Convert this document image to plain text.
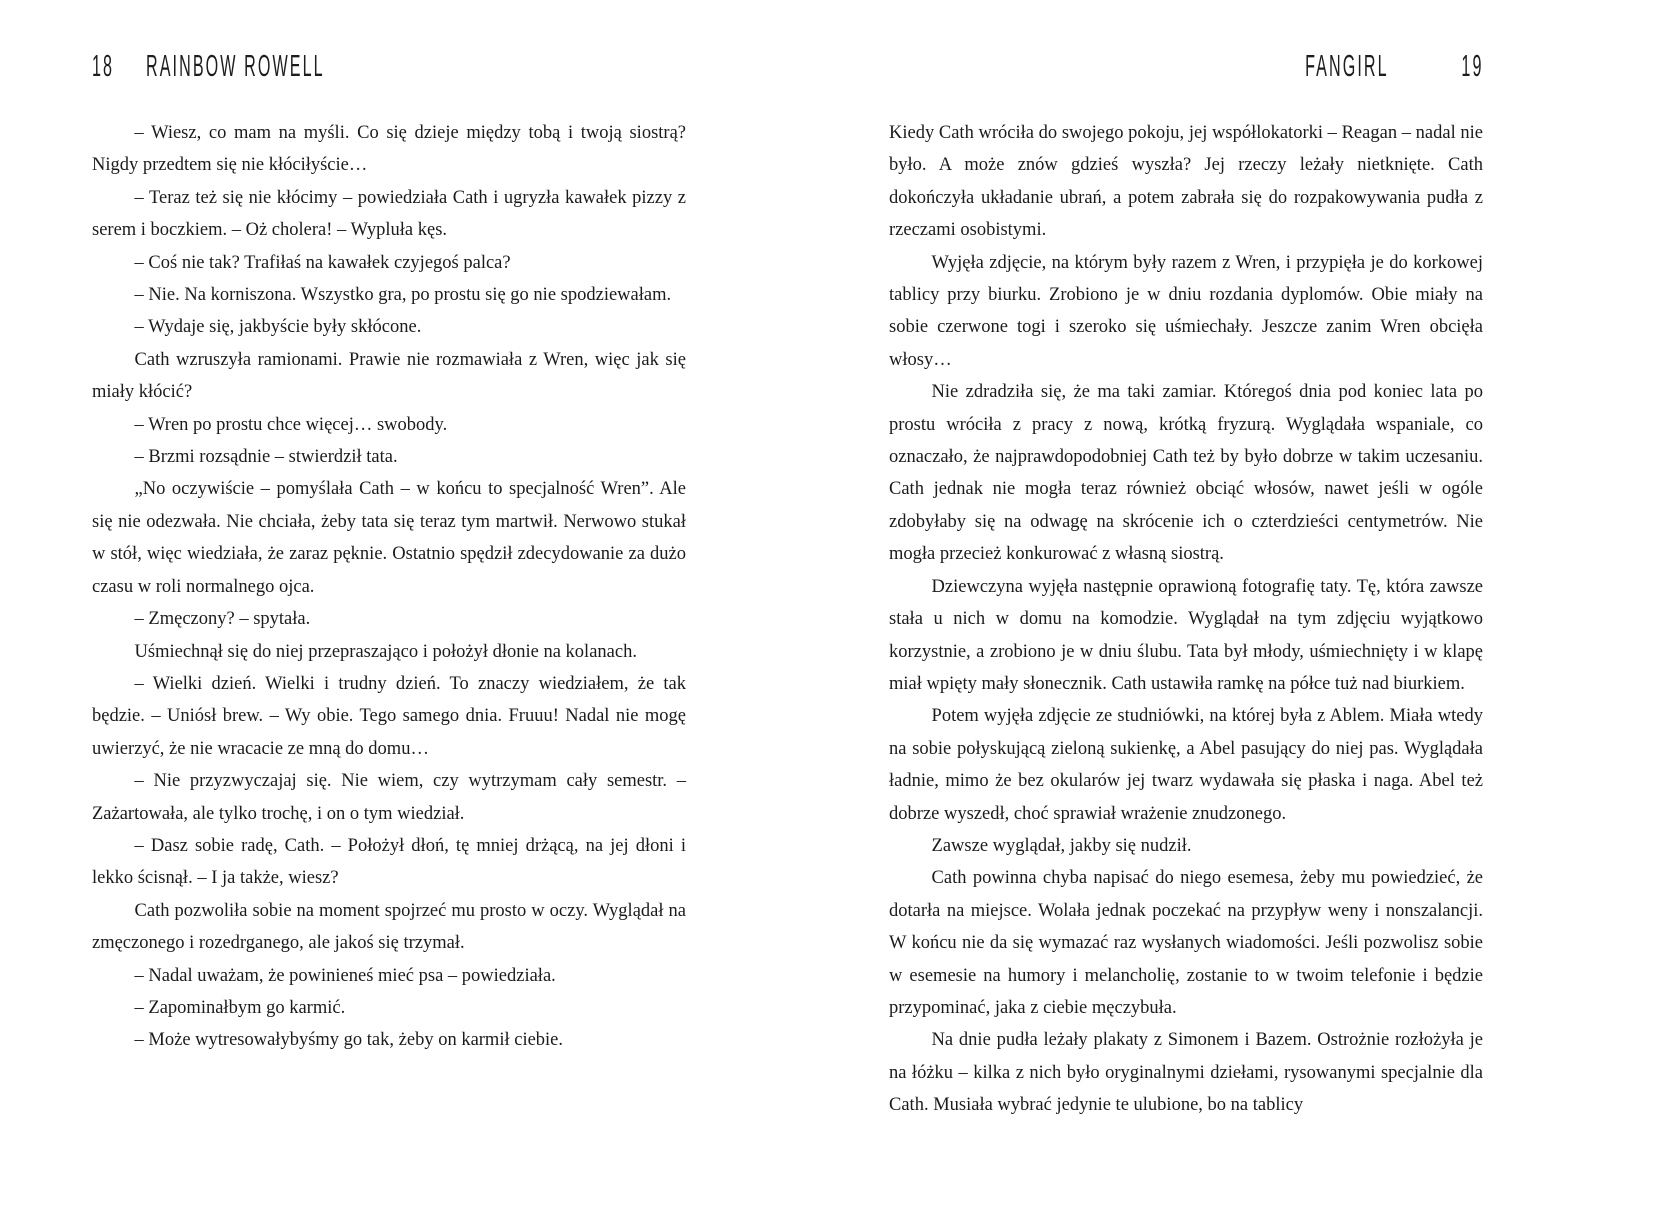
18 RAINBOW ROWELL

– Wiesz, co mam na myśli. Co się dzieje między tobą i twoją siostrą? Nigdy przedtem się nie kłóciłyście…

– Teraz też się nie kłócimy – powiedziała Cath i ugryzła kawałek pizzy z serem i boczkiem. – Oż cholera! – Wypluła kęs.

– Coś nie tak? Trafiłaś na kawałek czyjegoś palca?

– Nie. Na korniszona. Wszystko gra, po prostu się go nie spodziewałam.

– Wydaje się, jakbyście były skłócone.

Cath wzruszyła ramionami. Prawie nie rozmawiała z Wren, więc jak się miały kłócić?

– Wren po prostu chce więcej… swobody.

– Brzmi rozsądnie – stwierdził tata.

„No oczywiście – pomyślała Cath – w końcu to specjalność Wren”. Ale się nie odezwała. Nie chciała, żeby tata się teraz tym martwił. Nerwowo stukał w stół, więc wiedziała, że zaraz pęknie. Ostatnio spędził zdecydowanie za dużo czasu w roli normalnego ojca.

– Zmęczony? – spytała.

Uśmiechnął się do niej przepraszająco i położył dłonie na kolanach.

– Wielki dzień. Wielki i trudny dzień. To znaczy wiedziałem, że tak będzie. – Uniósł brew. – Wy obie. Tego samego dnia. Fruuu! Nadal nie mogę uwierzyć, że nie wracacie ze mną do domu…

– Nie przyzwyczajaj się. Nie wiem, czy wytrzymam cały semestr. – Zażartowała, ale tylko trochę, i on o tym wiedział.

– Dasz sobie radę, Cath. – Położył dłoń, tę mniej drżącą, na jej dłoni i lekko ścisnął. – I ja także, wiesz?

Cath pozwoliła sobie na moment spojrzeć mu prosto w oczy. Wyglądał na zmęczonego i rozedrganego, ale jakoś się trzymał.

– Nadal uważam, że powinieneś mieć psa – powiedziała.

– Zapominałbym go karmić.

– Może wytresowałybyśmy go tak, żeby on karmił ciebie.

FANGIRL 19

Kiedy Cath wróciła do swojego pokoju, jej współlokatorki – Reagan – nadal nie było. A może znów gdzieś wyszła? Jej rzeczy leżały nietknięte. Cath dokończyła układanie ubrań, a potem zabrała się do rozpakowywania pudła z rzeczami osobistymi.

Wyjęła zdjęcie, na którym były razem z Wren, i przypięła je do korkowej tablicy przy biurku. Zrobiono je w dniu rozdania dyplomów. Obie miały na sobie czerwone togi i szeroko się uśmiechały. Jeszcze zanim Wren obcięła włosy…

Nie zdradziła się, że ma taki zamiar. Któregoś dnia pod koniec lata po prostu wróciła z pracy z nową, krótką fryzurą. Wyglądała wspaniale, co oznaczało, że najprawdopodobniej Cath też by było dobrze w takim uczesaniu. Cath jednak nie mogła teraz również obciąć włosów, nawet jeśli w ogóle zdobyłaby się na odwagę na skrócenie ich o czterdzieści centymetrów. Nie mogła przecież konkurować z własną siostrą.

Dziewczyna wyjęła następnie oprawioną fotografię taty. Tę, która zawsze stała u nich w domu na komodzie. Wyglądał na tym zdjęciu wyjątkowo korzystnie, a zrobiono je w dniu ślubu. Tata był młody, uśmiechnięty i w klapę miał wpięty mały słonecznik. Cath ustawiła ramkę na półce tuż nad biurkiem.

Potem wyjęła zdjęcie ze studniówki, na której była z Ablem. Miała wtedy na sobie połyskującą zieloną sukienkę, a Abel pasujący do niej pas. Wyglądała ładnie, mimo że bez okularów jej twarz wydawała się płaska i naga. Abel też dobrze wyszedł, choć sprawiał wrażenie znudzonego.

Zawsze wyglądał, jakby się nudził.

Cath powinna chyba napisać do niego esemesa, żeby mu powiedzieć, że dotarła na miejsce. Wolała jednak poczekać na przypływ weny i nonszalancji. W końcu nie da się wymazać raz wysłanych wiadomości. Jeśli pozwolisz sobie w esemesie na humory i melancholię, zostanie to w twoim telefonie i będzie przypominać, jaka z ciebie męczybuła.

Na dnie pudła leżały plakaty z Simonem i Bazem. Ostrożnie rozłożyła je na łóżku – kilka z nich było oryginalnymi dziełami, rysowanymi specjalnie dla Cath. Musiała wybrać jedynie te ulubione, bo na tablicy
